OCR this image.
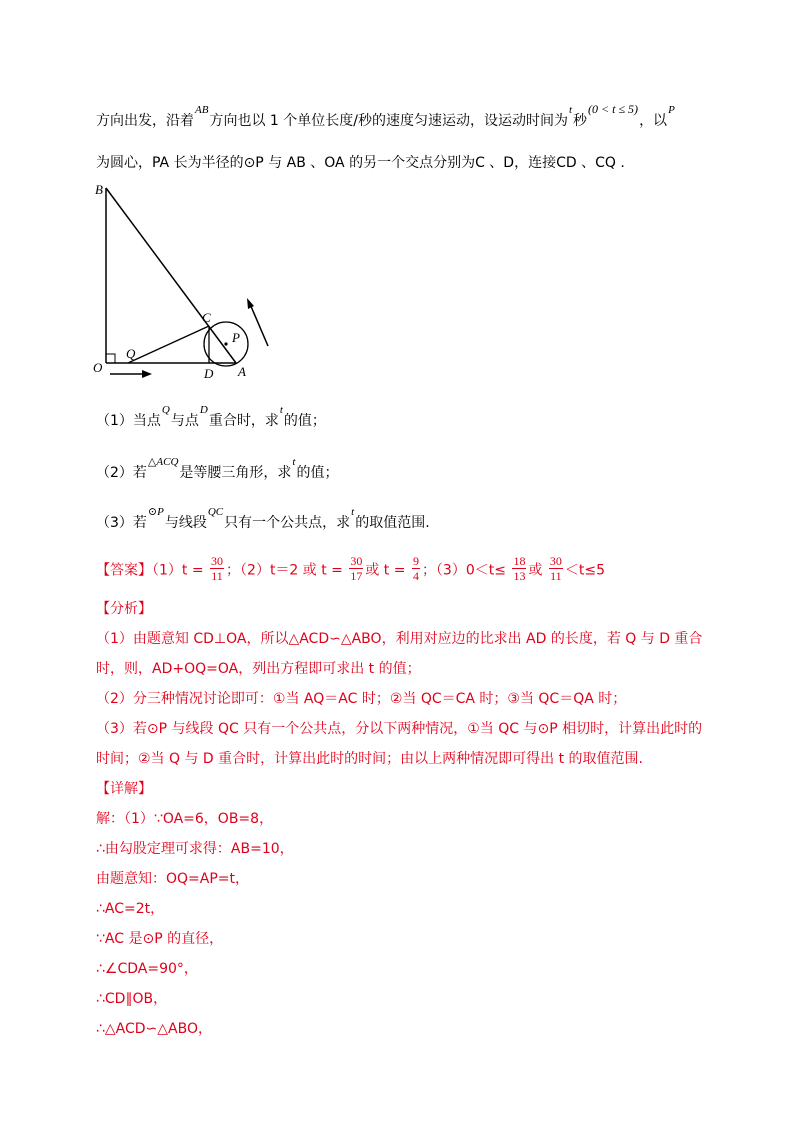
方向出发，沿着$^{AB}$方向也以 1 个单位长度/秒的速度匀速运动，设运动时间为$^t$秒(0 < t ≤ 5)，以$^P$
为圆心，PA 长为半径的⊙P 与 AB 、OA 的另一个交点分别为C 、D，连接CD 、CQ .
B
C
P
O
Q
D A
（1）当点$^Q$与点$^D$重合时，求$^t$的值；
（2）若$^{\triangle ACQ}$是等腰三角形，求$^t$的值；
（3）若$^{⊙P}$与线段$^{QC}$只有一个公共点，求$^t$的取值范围.
【答案】$(1)t = \frac{30}{11}$ ；（2）t＝2 或 $t = \frac{30}{17}$ 或 $t = \frac{9}{4}$ ；$(3)0<t\le \frac{18}{13}$ 或 $\frac{30}{11} <t\le 5$
【分析】
（1）由题意知 CD⊥OA，所以△ACD∽△ABO，利用对应边的比求出 AD 的长度，若 Q 与 D 重合
时，则，AD+OQ=OA，列出方程即可求出 t 的值；
（2）分三种情况讨论即可：①当 AQ＝AC 时；②当 QC＝CA 时；③当 QC＝QA 时；
（3）若⊙P 与线段 QC 只有一个公共点，分以下两种情况，①当 QC 与⊙P 相切时，计算出此时的
时间；②当 Q 与 D 重合时，计算出此时的时间；由以上两种情况即可得出 t 的取值范围.
【详解】
解：（1）∵OA=6，OB=8，
∴由勾股定理可求得：AB=10，
由题意知：OQ=AP=t，
∴AC=2t，
∵AC 是⊙P 的直径，
∴∠CDA=90°，
∴CD∥OB，
∴△ACD∽△ABO，
